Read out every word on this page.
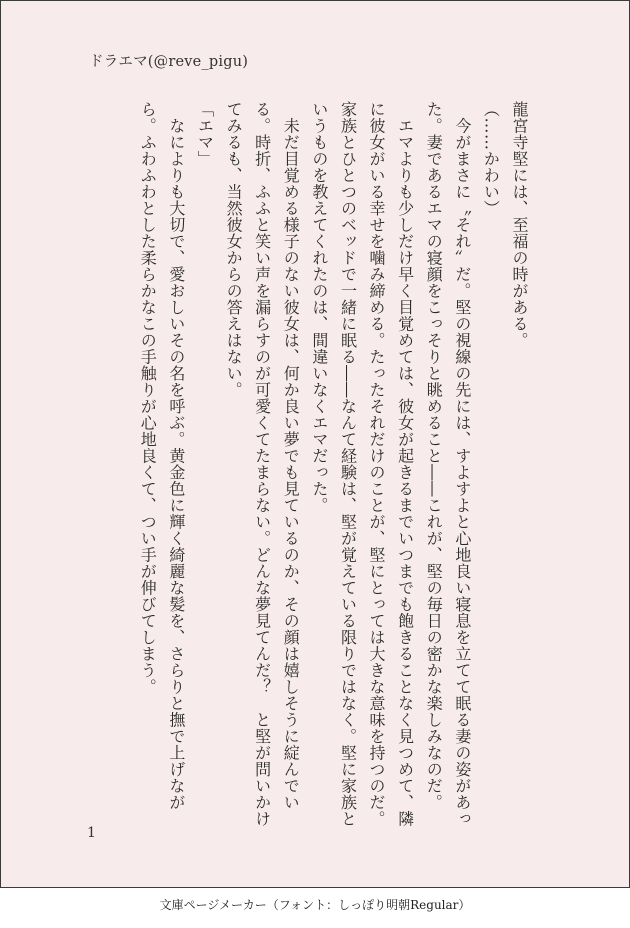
ドラエマ(@reve_pigu)

龍宮寺堅には、至福の時がある。

（……かわい）

　今がまさに〝それ〟だ。堅の視線の先には、すよすよと心地良い寝息を立てて眠る妻の姿があった。妻であるエマの寝顔をこっそりと眺めること――これが、堅の毎日の密かな楽しみなのだ。

　エマよりも少しだけ早く目覚めては、彼女が起きるまでいつまでも飽きることなく見つめて、隣に彼女がいる幸せを噛み締める。たったそれだけのことが、堅にとっては大きな意味を持つのだ。家族とひとつのベッドで一緒に眠る――なんて経験は、堅が覚えている限りではなく。堅に家族というものを教えてくれたのは、間違いなくエマだった。

　未だ目覚める様子のない彼女は、何か良い夢でも見ているのか、その顔は嬉しそうに綻んでいる。時折、ふふと笑い声を漏らすのが可愛くてたまらない。どんな夢見てんだ？　と堅が問いかけてみるも、当然彼女からの答えはない。

「エマ」

　なによりも大切で、愛おしいその名を呼ぶ。黄金色に輝く綺麗な髪を、さらりと撫で上げながら。ふわふわとした柔らかなこの手触りが心地良くて、つい手が伸びてしまう。

1
文庫ページメーカー（フォント：しっぽり明朝Regular）
